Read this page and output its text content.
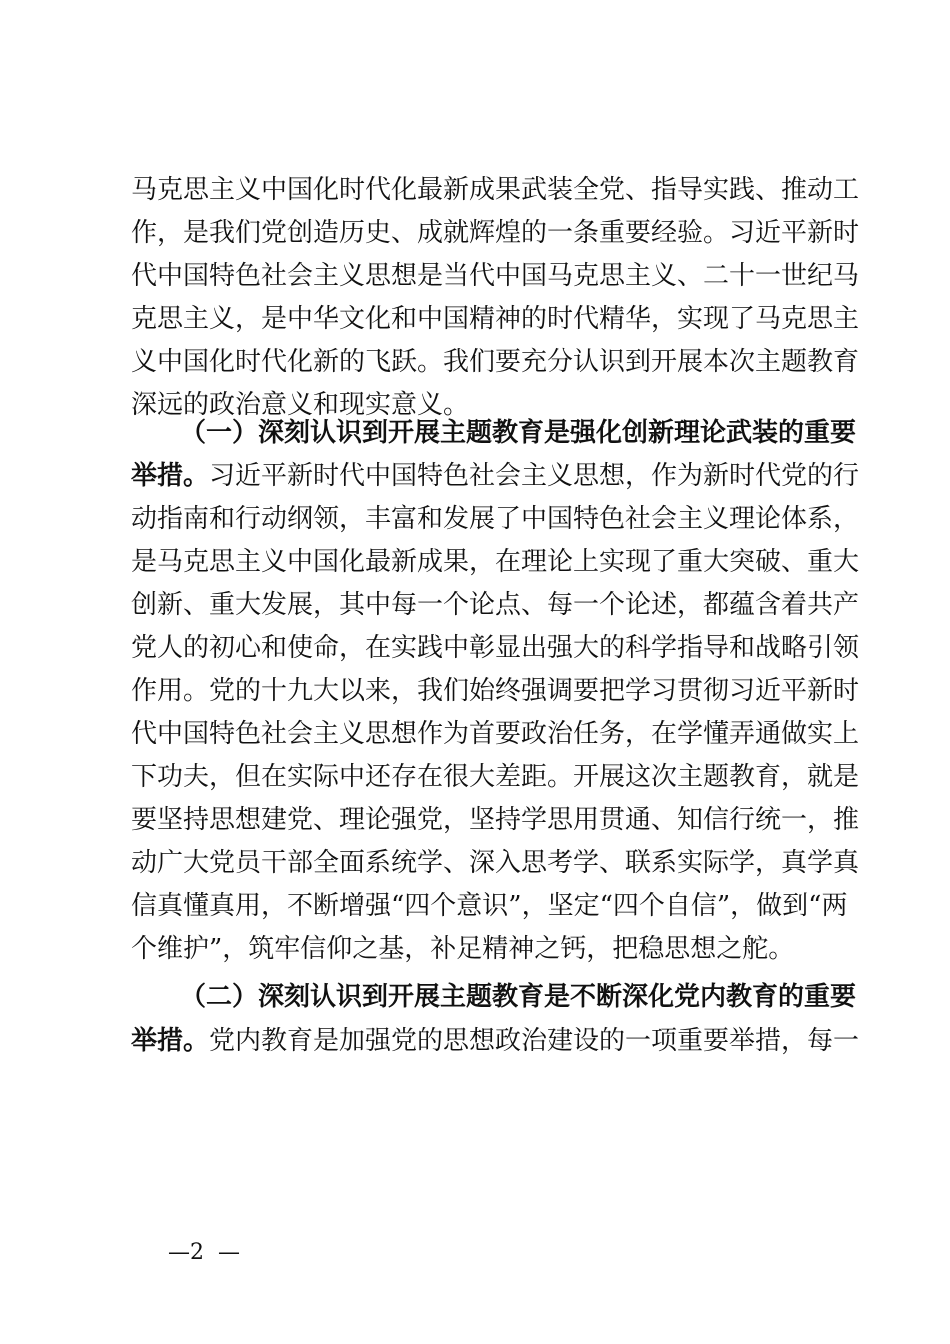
马克思主义中国化时代化最新成果武装全党、指导实践、推动工
作，是我们党创造历史、成就辉煌的一条重要经验。习近平新时
代中国特色社会主义思想是当代中国马克思主义、二十一世纪马
克思主义，是中华文化和中国精神的时代精华，实现了马克思主
义中国化时代化新的飞跃。我们要充分认识到开展本次主题教育
深远的政治意义和现实意义。
（一）深刻认识到开展主题教育是强化创新理论武装的重要
举措。习近平新时代中国特色社会主义思想，作为新时代党的行
动指南和行动纲领，丰富和发展了中国特色社会主义理论体系，
是马克思主义中国化最新成果，在理论上实现了重大突破、重大
创新、重大发展，其中每一个论点、每一个论述，都蕴含着共产
党人的初心和使命，在实践中彰显出强大的科学指导和战略引领
作用。党的十九大以来，我们始终强调要把学习贯彻习近平新时
代中国特色社会主义思想作为首要政治任务，在学懂弄通做实上
下功夫，但在实际中还存在很大差距。开展这次主题教育，就是
要坚持思想建党、理论强党，坚持学思用贯通、知信行统一，推
动广大党员干部全面系统学、深入思考学、联系实际学，真学真
信真懂真用，不断增强“四个意识”，坚定“四个自信”，做到“两
个维护”，筑牢信仰之基，补足精神之钙，把稳思想之舵。
（二）深刻认识到开展主题教育是不断深化党内教育的重要
举措。党内教育是加强党的思想政治建设的一项重要举措，每一
—2  —
